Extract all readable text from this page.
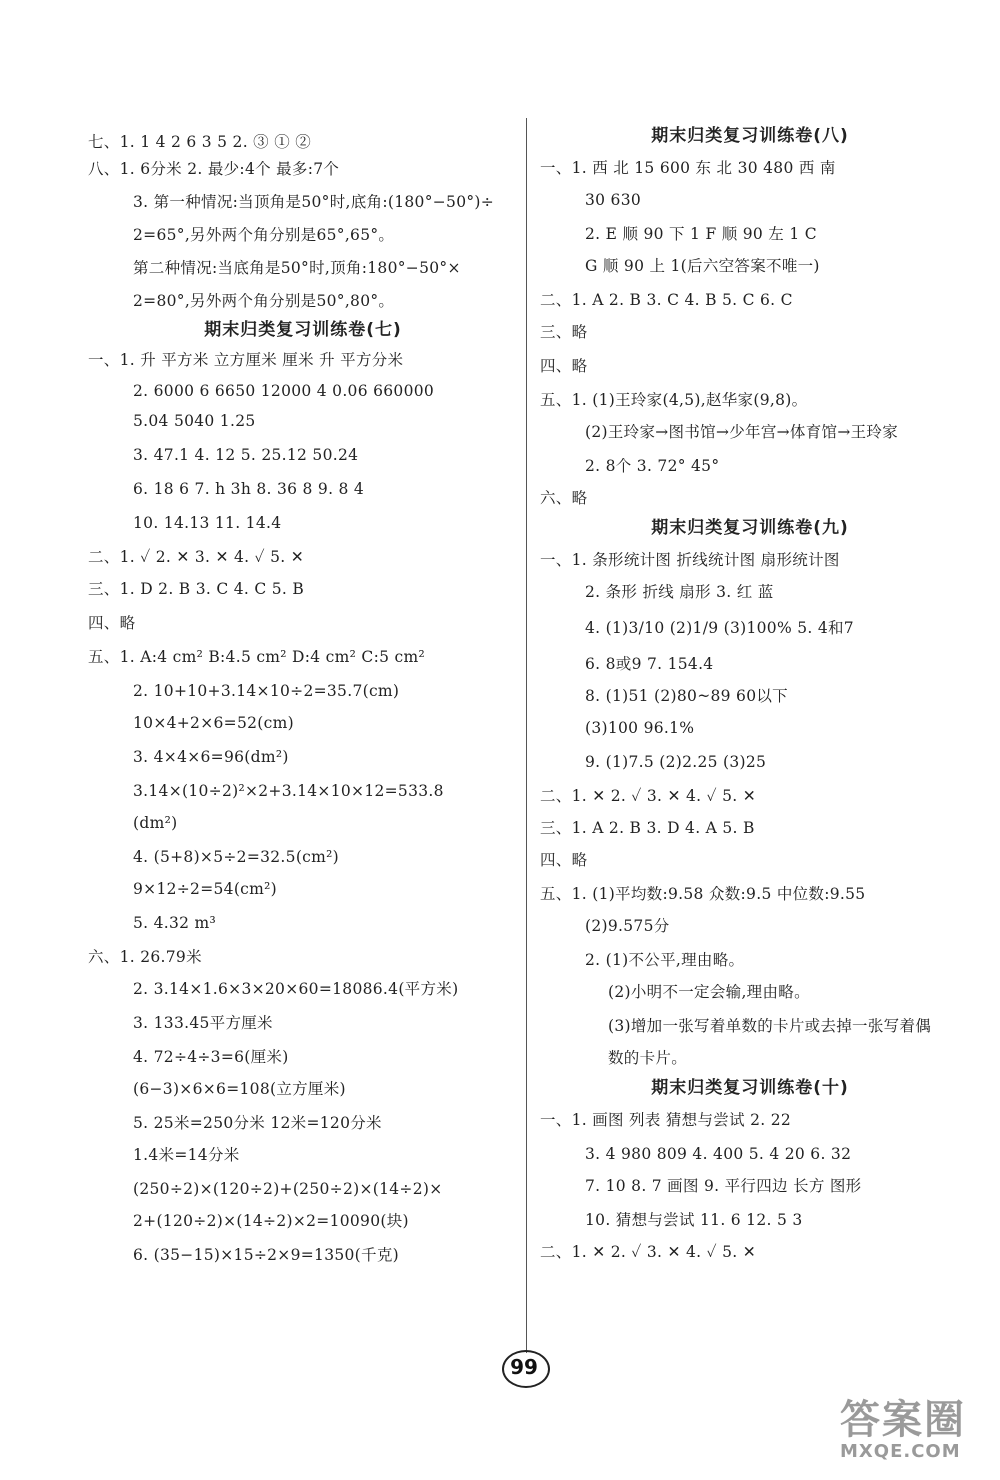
七、1. 1 4 2 6 3 5 2. ③ ① ②
八、1. 6分米 2. 最少:4个 最多:7个
3. 第一种情况:当顶角是50°时,底角:(180°−50°)÷
2=65°,另外两个角分别是65°,65°。
第二种情况:当底角是50°时,顶角:180°−50°×
2=80°,另外两个角分别是50°,80°。
期末归类复习训练卷(七)
一、1. 升 平方米 立方厘米 厘米 升 平方分米
2. 6000 6 6650 12000 4 0.06 660000
5.04 5040 1.25
3. 47.1 4. 12 5. 25.12 50.24
6. 18 6 7. h 3h 8. 36 8 9. 8 4
10. 14.13 11. 14.4
二、1. ✓ 2. ✕ 3. ✕ 4. ✓ 5. ✕
三、1. D 2. B 3. C 4. C 5. B
四、略
五、1. A:4 cm² B:4.5 cm² D:4 cm² C:5 cm²
2. 10+10+3.14×10÷2=35.7(cm)
10×4+2×6=52(cm)
3. 4×4×6=96(dm²)
3.14×(10÷2)²×2+3.14×10×12=533.8
(dm²)
4. (5+8)×5÷2=32.5(cm²)
9×12÷2=54(cm²)
5. 4.32 m³
六、1. 26.79米
2. 3.14×1.6×3×20×60=18086.4(平方米)
3. 133.45平方厘米
4. 72÷4÷3=6(厘米)
(6−3)×6×6=108(立方厘米)
5. 25米=250分米 12米=120分米
1.4米=14分米
(250÷2)×(120÷2)+(250÷2)×(14÷2)×
2+(120÷2)×(14÷2)×2=10090(块)
6. (35−15)×15÷2×9=1350(千克)
期末归类复习训练卷(八)
一、1. 西 北 15 600 东 北 30 480 西 南
30 630
2. E 顺 90 下 1 F 顺 90 左 1 C
G 顺 90 上 1(后六空答案不唯一)
二、1. A 2. B 3. C 4. B 5. C 6. C
三、略
四、略
五、1. (1)王玲家(4,5),赵华家(9,8)。
(2)王玲家→图书馆→少年宫→体育馆→王玲家
2. 8个 3. 72° 45°
六、略
期末归类复习训练卷(九)
一、1. 条形统计图 折线统计图 扇形统计图
2. 条形 折线 扇形 3. 红 蓝
4. (1)3/10 (2)1/9 (3)100% 5. 4和7
6. 8或9 7. 154.4
8. (1)51 (2)80~89 60以下
(3)100 96.1%
9. (1)7.5 (2)2.25 (3)25
二、1. ✕ 2. ✓ 3. ✕ 4. ✓ 5. ✕
三、1. A 2. B 3. D 4. A 5. B
四、略
五、1. (1)平均数:9.58 众数:9.5 中位数:9.55
(2)9.575分
2. (1)不公平,理由略。
(2)小明不一定会输,理由略。
(3)增加一张写着单数的卡片或去掉一张写着偶
数的卡片。
期末归类复习训练卷(十)
一、1. 画图 列表 猜想与尝试 2. 22
3. 4 980 809 4. 400 5. 4 20 6. 32
7. 10 8. 7 画图 9. 平行四边 长方 图形
10. 猜想与尝试 11. 6 12. 5 3
二、1. ✕ 2. ✓ 3. ✕ 4. ✓ 5. ✕
99
答案圈
MXQE.COM
